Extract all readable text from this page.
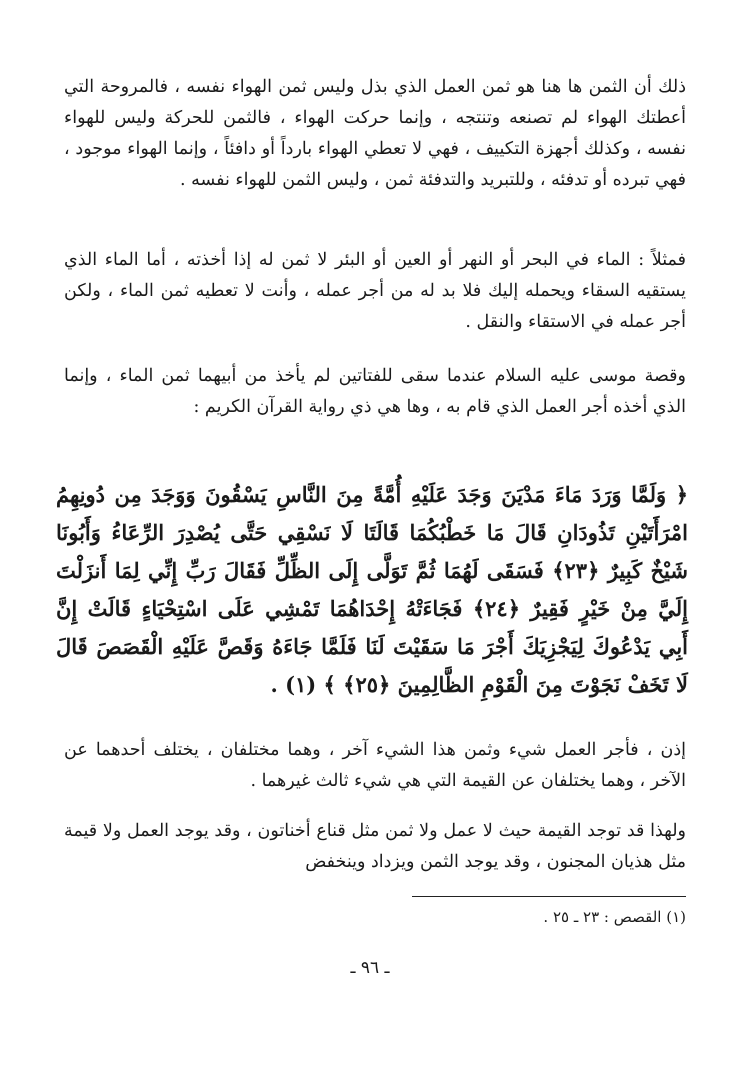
ذلك أن الثمن ها هنا هو ثمن العمل الذي بذل وليس ثمن الهواء نفسه ، فالمروحة التي أعطتك الهواء لم تصنعه وتنتجه ، وإنما حركت الهواء ، فالثمن للحركة وليس للهواء نفسه ، وكذلك أجهزة التكييف ، فهي لا تعطي الهواء بارداً أو دافئاً ، وإنما الهواء موجود ، فهي تبرده أو تدفئه ، وللتبريد والتدفئة ثمن ، وليس الثمن للهواء نفسه .
فمثلاً : الماء في البحر أو النهر أو العين أو البئر لا ثمن له إذا أخذته ، أما الماء الذي يستقيه السقاء ويحمله إليك فلا بد له من أجر عمله ، وأنت لا تعطيه ثمن الماء ، ولكن أجر عمله في الاستقاء والنقل .
وقصة موسى عليه السلام عندما سقى للفتاتين لم يأخذ من أبيهما ثمن الماء ، وإنما الذي أخذه أجر العمل الذي قام به ، وها هي ذي رواية القرآن الكريم :
﴿ وَلَمَّا وَرَدَ مَاءَ مَدْيَنَ وَجَدَ عَلَيْهِ أُمَّةً مِنَ النَّاسِ يَسْقُونَ وَوَجَدَ مِن دُونِهِمُ امْرَأَتَيْنِ تَذُودَانِ قَالَ مَا خَطْبُكُمَا قَالَتَا لَا نَسْقِي حَتَّى يُصْدِرَ الرِّعَاءُ وَأَبُونَا شَيْخٌ كَبِيرٌ ﴿٢٣﴾ فَسَقَى لَهُمَا ثُمَّ تَوَلَّى إِلَى الظِّلِّ فَقَالَ رَبِّ إِنِّي لِمَا أَنزَلْتَ إِلَيَّ مِنْ خَيْرٍ فَقِيرٌ ﴿٢٤﴾ فَجَاءَتْهُ إِحْدَاهُمَا تَمْشِي عَلَى اسْتِحْيَاءٍ قَالَتْ إِنَّ أَبِي يَدْعُوكَ لِيَجْزِيَكَ أَجْرَ مَا سَقَيْتَ لَنَا فَلَمَّا جَاءَهُ وَقَصَّ عَلَيْهِ الْقَصَصَ قَالَ لَا تَخَفْ نَجَوْتَ مِنَ الْقَوْمِ الظَّالِمِينَ ﴿٢٥﴾ ﴾ (١) .
إذن ، فأجر العمل شيء وثمن هذا الشيء آخر ، وهما مختلفان ، يختلف أحدهما عن الآخر ، وهما يختلفان عن القيمة التي هي شيء ثالث غيرهما .
ولهذا قد توجد القيمة حيث لا عمل ولا ثمن مثل قناع أخناتون ، وقد يوجد العمل ولا قيمة مثل هذيان المجنون ، وقد يوجد الثمن ويزداد وينخفض
(١) القصص : ٢٣ ـ ٢٥ .
ـ ٩٦ ـ
